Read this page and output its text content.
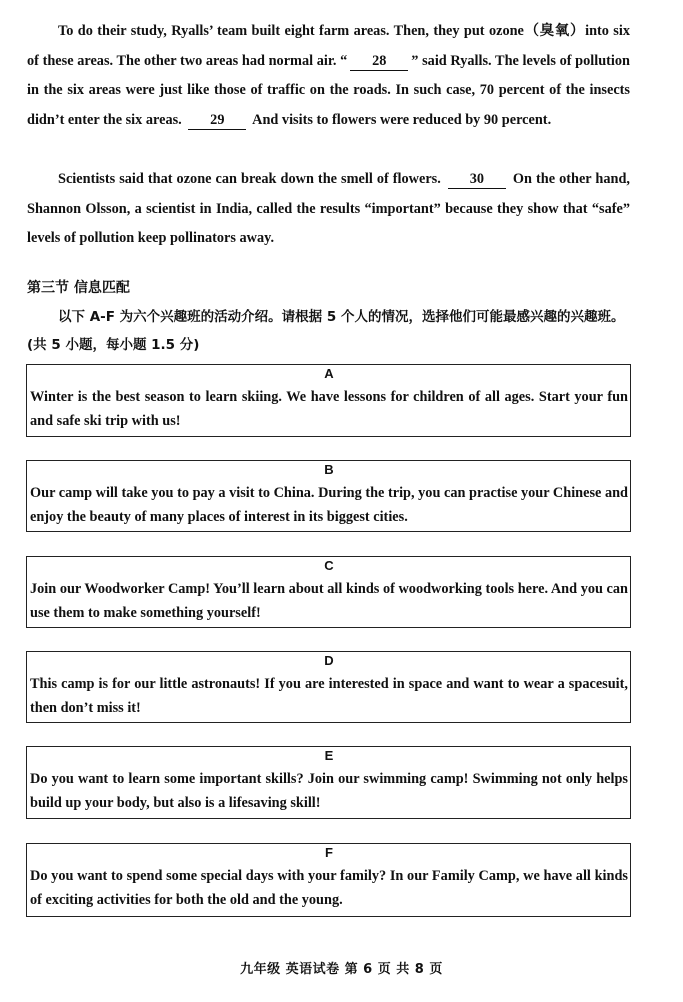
To do their study, Ryalls’ team built eight farm areas. Then, they put ozone（臭氧）into six of these areas. The other two areas had normal air. “ 28 ” said Ryalls. The levels of pollution in the six areas were just like those of traffic on the roads. In such case, 70 percent of the insects didn’t enter the six areas. 29 And visits to flowers were reduced by 90 percent.

Scientists said that ozone can break down the smell of flowers. 30 On the other hand, Shannon Olsson, a scientist in India, called the results “important” because they show that “safe” levels of pollution keep pollinators away.

第三节 信息匹配

以下 A-F 为六个兴趣班的活动介绍。请根据 5 个人的情况，选择他们可能最感兴趣的兴趣班。(共 5 小题，每小题 1.5 分)

A
Winter is the best season to learn skiing. We have lessons for children of all ages. Start your fun and safe ski trip with us!
B
Our camp will take you to pay a visit to China. During the trip, you can practise your Chinese and enjoy the beauty of many places of interest in its biggest cities.
C
Join our Woodworker Camp! You’ll learn about all kinds of woodworking tools here. And you can use them to make something yourself!
D
This camp is for our little astronauts! If you are interested in space and want to wear a spacesuit, then don’t miss it!
E
Do you want to learn some important skills? Join our swimming camp! Swimming not only helps build up your body, but also is a lifesaving skill!
F
Do you want to spend some special days with your family? In our Family Camp, we have all kinds of exciting activities for both the old and the young.
九年级 英语试卷 第 6 页 共 8 页
